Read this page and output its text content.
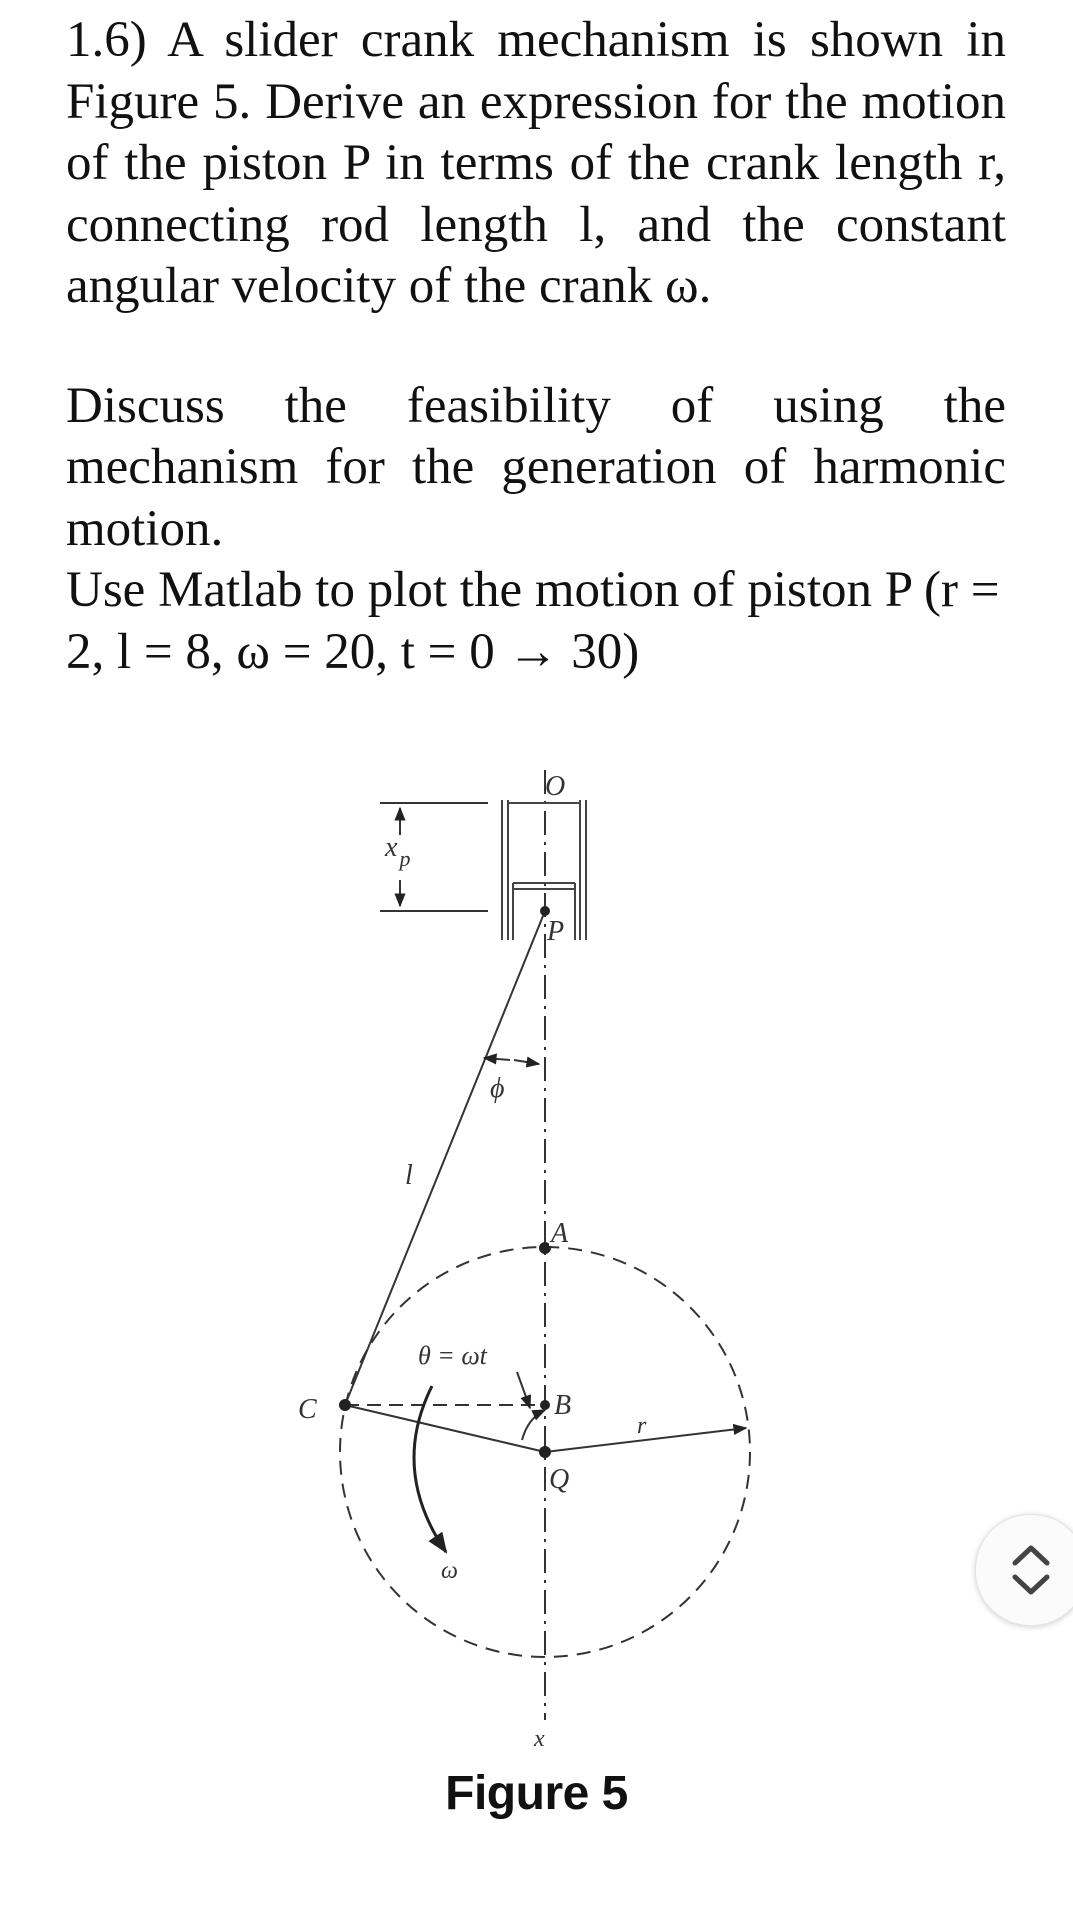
1.6) A slider crank mechanism is shown in Figure 5. Derive an expression for the motion of the piston P in terms of the crank length r, connecting rod length l, and the constant angular velocity of the crank ω.

Discuss the feasibility of using the mechanism for the generation of harmonic motion.

Use Matlab to plot the motion of piston P (r = 2, l = 8, ω = 20, t = 0 → 30)

O
P
$x_p$
ϕ
l
A
θ = ωt
C	B
r
Q
ω
x
Figure 5
